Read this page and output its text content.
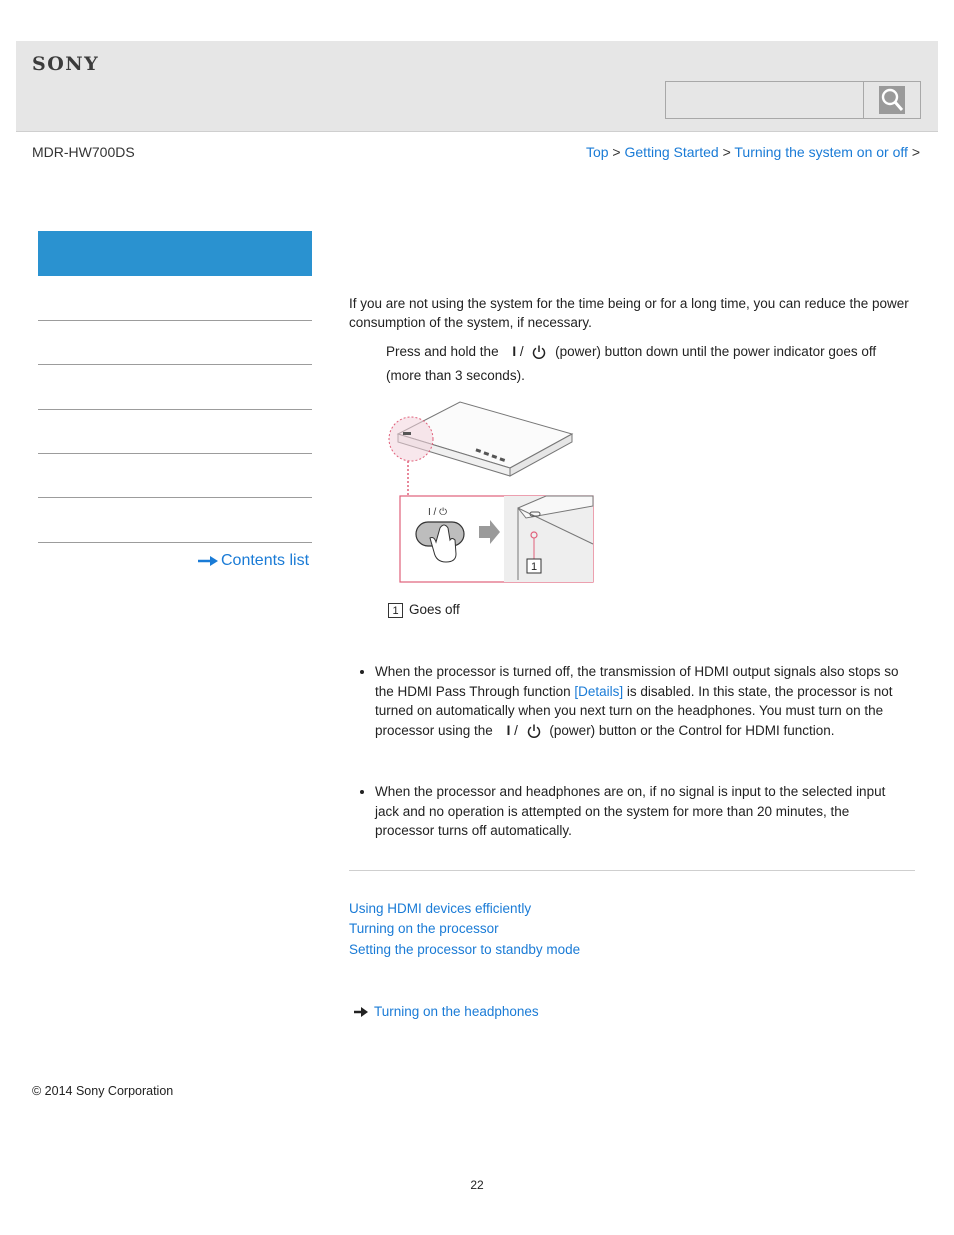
SONY
MDR-HW700DS	Top > Getting Started > Turning the system on or off >
Contents list
If you are not using the system for the time being or for a long time, you can reduce the power consumption of the system, if necessary.
Press and hold the I / (power) button down until the power indicator goes off
(more than 3 seconds).
I / ⏻
1
1 Goes off
When the processor is turned off, the transmission of HDMI output signals also stops so the HDMI Pass Through function [Details] is disabled. In this state, the processor is not turned on automatically when you next turn on the headphones. You must turn on the processor using the I / (power) button or the Control for HDMI function.
When the processor and headphones are on, if no signal is input to the selected input jack and no operation is attempted on the system for more than 20 minutes, the processor turns off automatically.
Using HDMI devices efficiently
Turning on the processor
Setting the processor to standby mode
Turning on the headphones
© 2014 Sony Corporation
22
